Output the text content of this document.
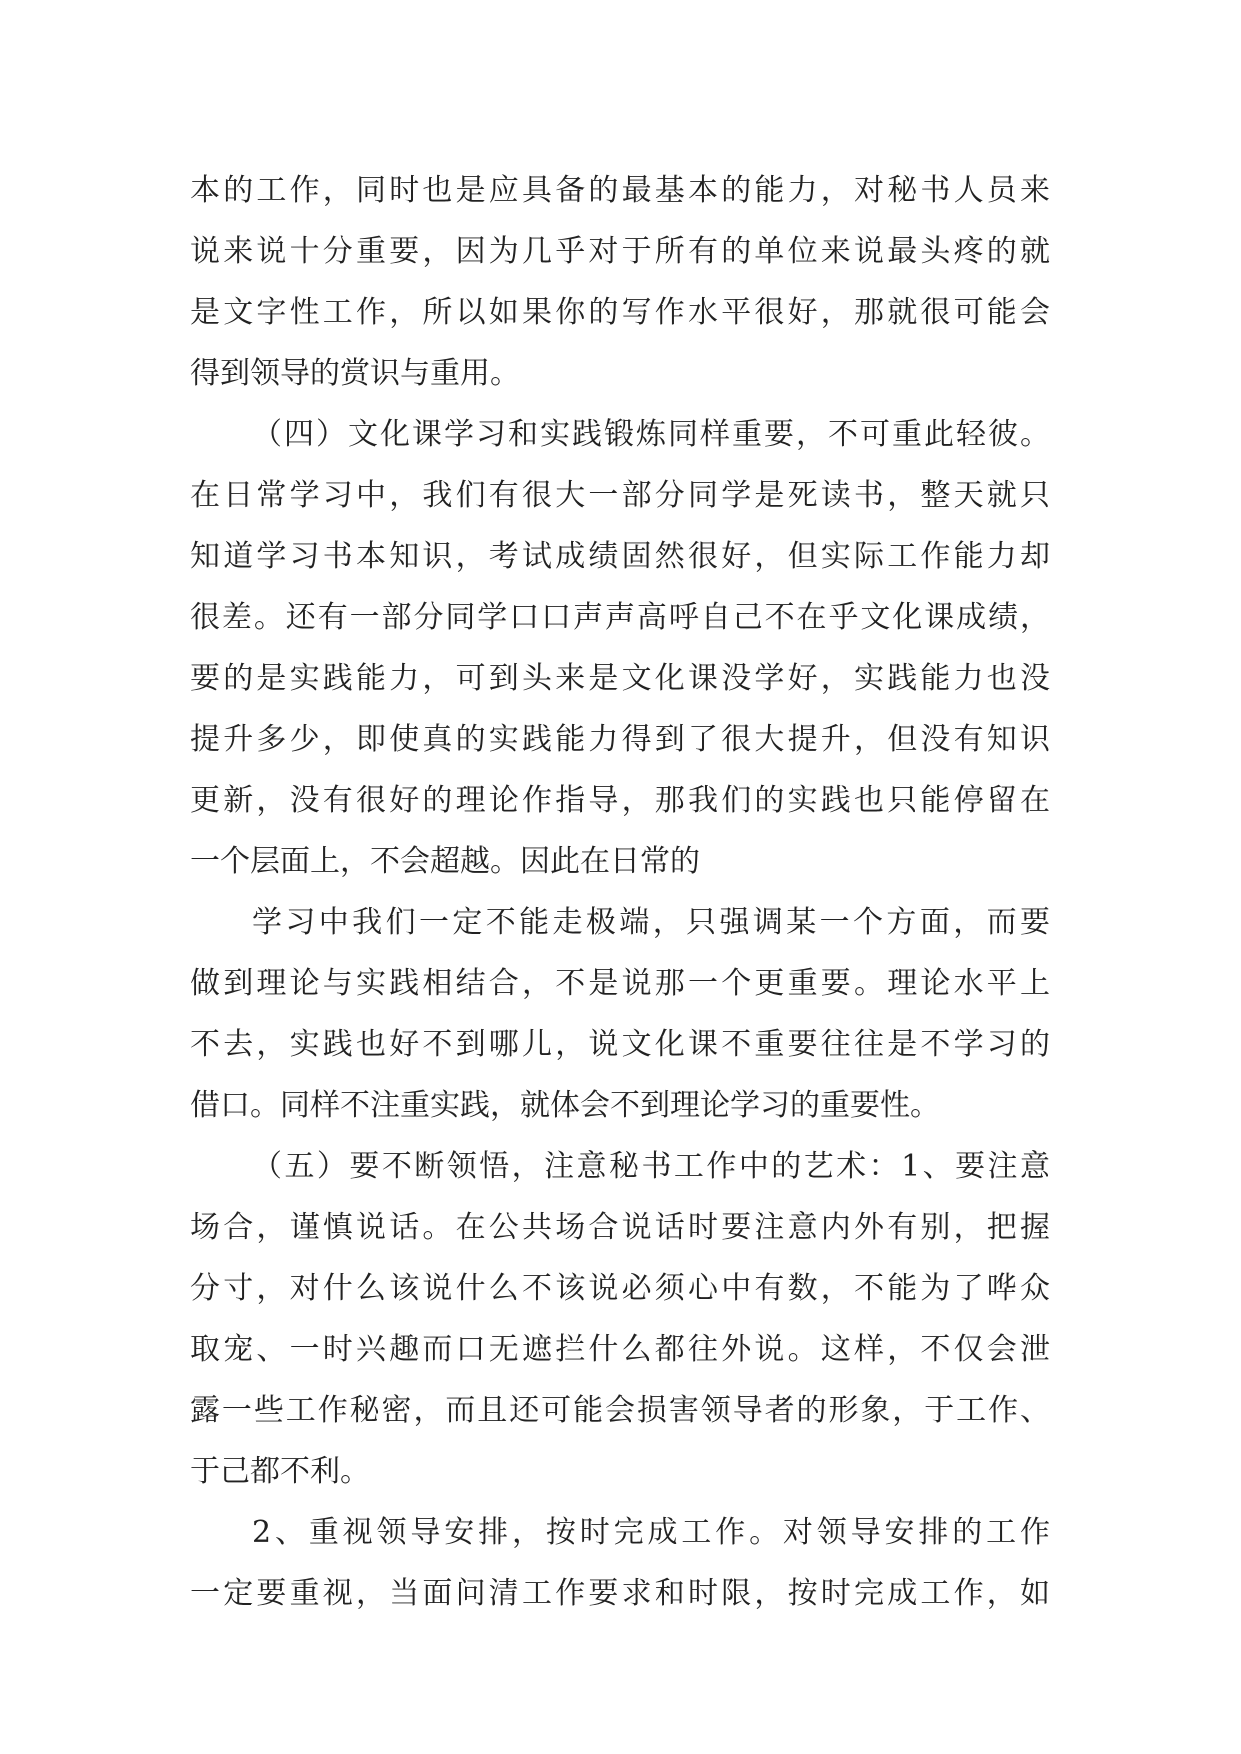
本的工作，同时也是应具备的最基本的能力，对秘书人员来
说来说十分重要，因为几乎对于所有的单位来说最头疼的就
是文字性工作，所以如果你的写作水平很好，那就很可能会
得到领导的赏识与重用。
（四）文化课学习和实践锻炼同样重要，不可重此轻彼。
在日常学习中，我们有很大一部分同学是死读书，整天就只
知道学习书本知识，考试成绩固然很好，但实际工作能力却
很差。还有一部分同学口口声声高呼自己不在乎文化课成绩，
要的是实践能力，可到头来是文化课没学好，实践能力也没
提升多少，即使真的实践能力得到了很大提升，但没有知识
更新，没有很好的理论作指导，那我们的实践也只能停留在
一个层面上，不会超越。因此在日常的
学习中我们一定不能走极端，只强调某一个方面，而要
做到理论与实践相结合，不是说那一个更重要。理论水平上
不去，实践也好不到哪儿，说文化课不重要往往是不学习的
借口。同样不注重实践，就体会不到理论学习的重要性。
（五）要不断领悟，注意秘书工作中的艺术：1、要注意
场合，谨慎说话。在公共场合说话时要注意内外有别，把握
分寸，对什么该说什么不该说必须心中有数，不能为了哗众
取宠、一时兴趣而口无遮拦什么都往外说。这样，不仅会泄
露一些工作秘密，而且还可能会损害领导者的形象，于工作、
于己都不利。
2、重视领导安排，按时完成工作。对领导安排的工作
一定要重视，当面问清工作要求和时限，按时完成工作，如
